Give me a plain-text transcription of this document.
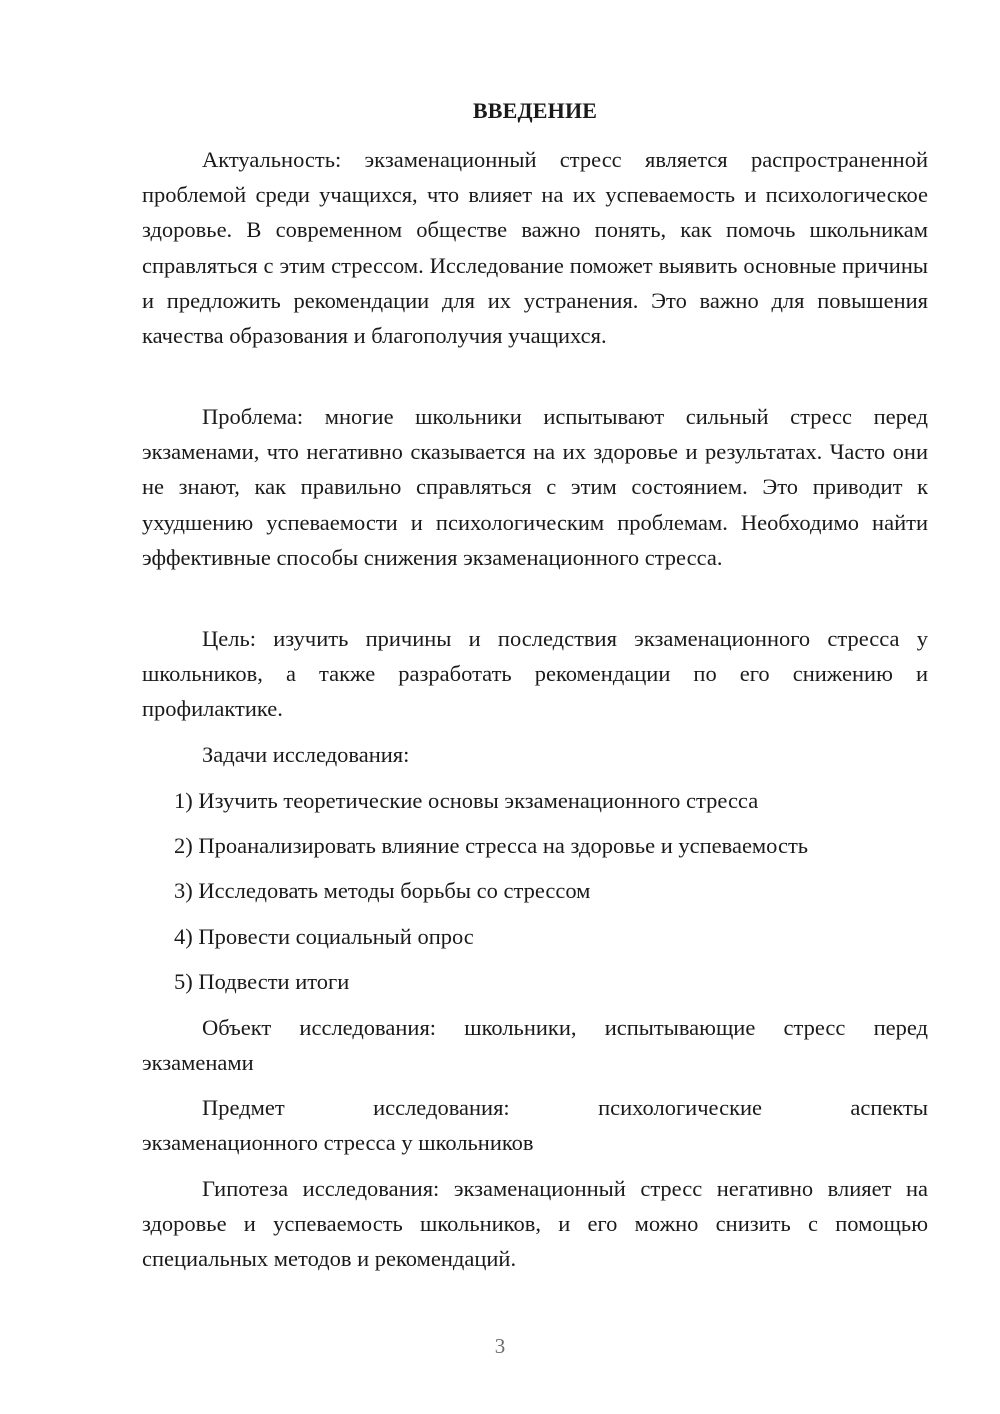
ВВЕДЕНИЕ

Актуальность: экзаменационный стресс является распространенной проблемой среди учащихся, что влияет на их успеваемость и психологическое здоровье. В современном обществе важно понять, как помочь школьникам справляться с этим стрессом. Исследование поможет выявить основные причины и предложить рекомендации для их устранения. Это важно для повышения качества образования и благополучия учащихся.

Проблема: многие школьники испытывают сильный стресс перед экзаменами, что негативно сказывается на их здоровье и результатах. Часто они не знают, как правильно справляться с этим состоянием. Это приводит к ухудшению успеваемости и психологическим проблемам. Необходимо найти эффективные способы снижения экзаменационного стресса.

Цель: изучить причины и последствия экзаменационного стресса у школьников, а также разработать рекомендации по его снижению и профилактике.

Задачи исследования:

1) Изучить теоретические основы экзаменационного стресса

2) Проанализировать влияние стресса на здоровье и успеваемость

3) Исследовать методы борьбы со стрессом

4) Провести социальный опрос

5) Подвести итоги

Объект исследования: школьники, испытывающие стресс перед экзаменами

Предмет	исследования:	психологические	аспекты
экзаменационного стресса у школьников

Гипотеза исследования: экзаменационный стресс негативно влияет на здоровье и успеваемость школьников, и его можно снизить с помощью специальных методов и рекомендаций.

3
